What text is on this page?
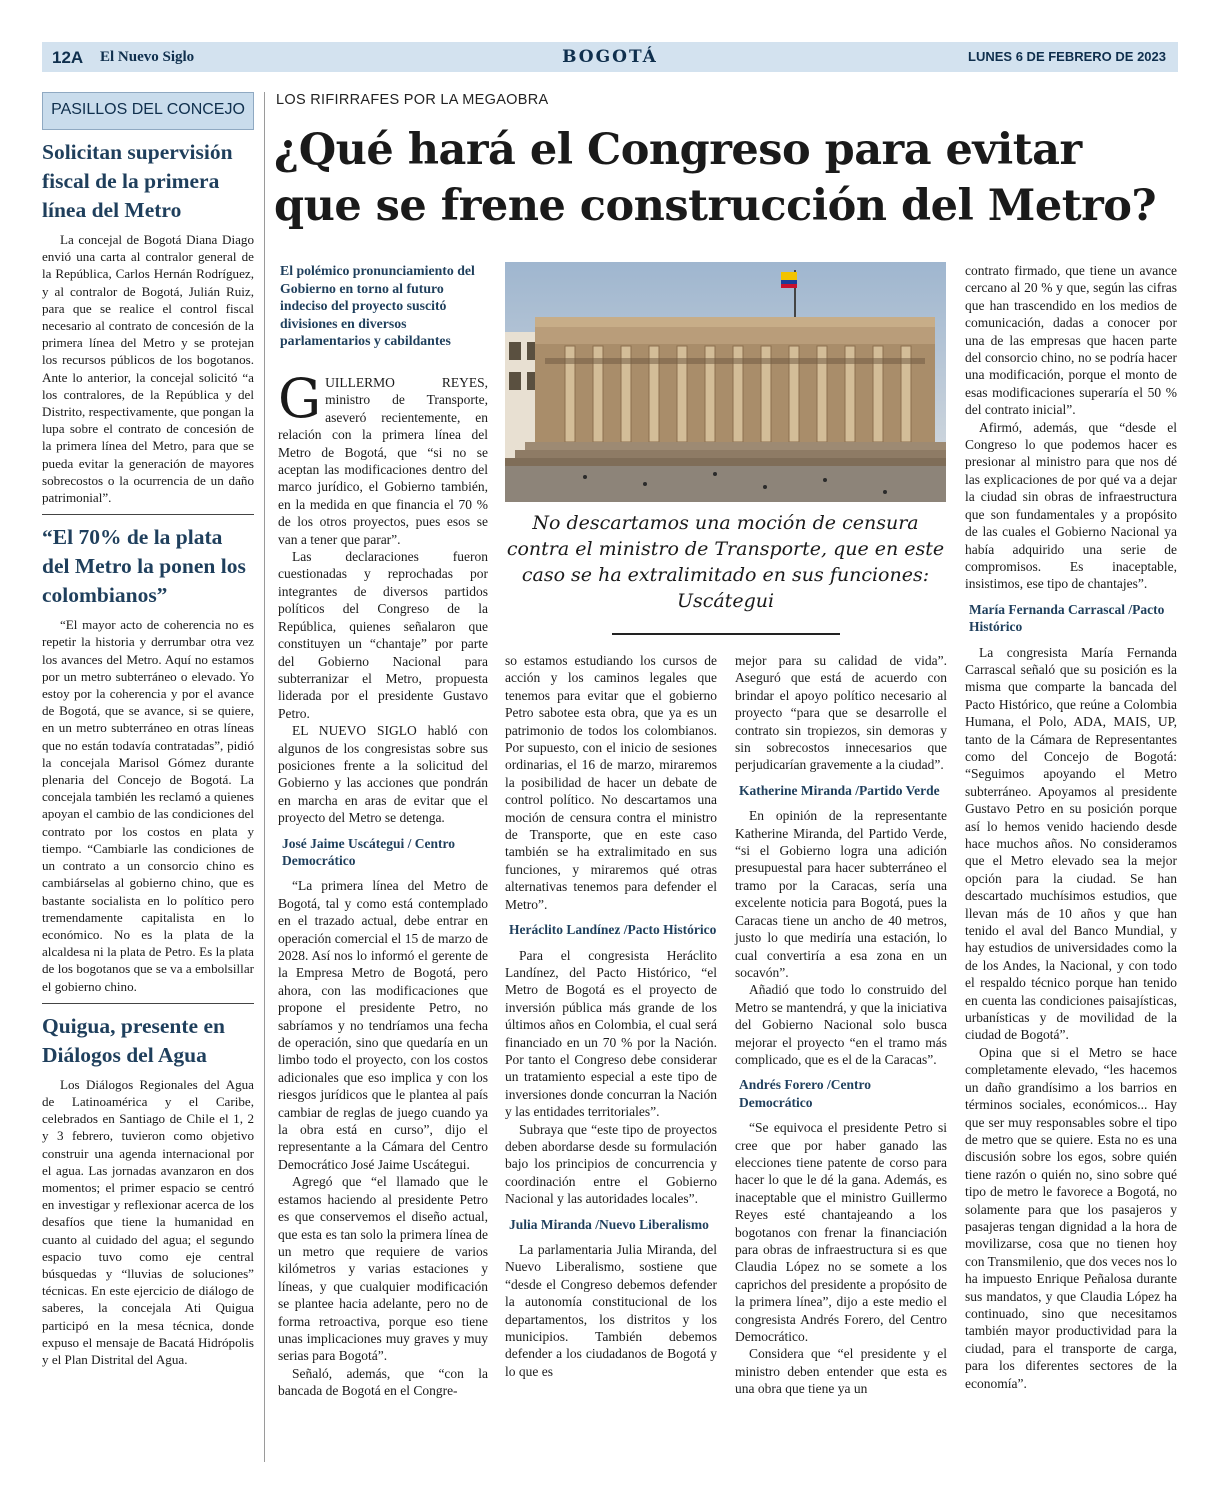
12A El Nuevo Siglo	BOGOTÁ	LUNES 6 DE FEBRERO DE 2023
PASILLOS DEL CONCEJO
Solicitan supervisión fiscal de la primera línea del Metro

La concejal de Bogotá Diana Diago envió una carta al contralor general de la República, Carlos Hernán Rodríguez, y al contralor de Bogotá, Julián Ruiz, para que se realice el control fiscal necesario al contrato de concesión de la primera línea del Metro y se protejan los recursos públicos de los bogotanos. Ante lo anterior, la concejal solicitó “a los contralores, de la República y del Distrito, respectivamente, que pongan la lupa sobre el contrato de concesión de la primera línea del Metro, para que se pueda evitar la generación de mayores sobrecostos o la ocurrencia de un daño patrimonial”.

“El 70% de la plata del Metro la ponen los colombianos”

“El mayor acto de coherencia no es repetir la historia y derrumbar otra vez los avances del Metro. Aquí no estamos por un metro subterráneo o elevado. Yo estoy por la coherencia y por el avance de Bogotá, que se avance, si se quiere, en un metro subterráneo en otras líneas que no están todavía contratadas”, pidió la concejala Marisol Gómez durante plenaria del Concejo de Bogotá. La concejala también les reclamó a quienes apoyan el cambio de las condiciones del contrato por los costos en plata y tiempo. “Cambiarle las condiciones de un contrato a un consorcio chino es cambiárselas al gobierno chino, que es bastante socialista en lo político pero tremendamente capitalista en lo económico. No es la plata de la alcaldesa ni la plata de Petro. Es la plata de los bogotanos que se va a embolsillar el gobierno chino.

Quigua, presente en Diálogos del Agua

Los Diálogos Regionales del Agua de Latinoamérica y el Caribe, celebrados en Santiago de Chile el 1, 2 y 3 febrero, tuvieron como objetivo construir una agenda internacional por el agua. Las jornadas avanzaron en dos momentos; el primer espacio se centró en investigar y reflexionar acerca de los desafíos que tiene la humanidad en cuanto al cuidado del agua; el segundo espacio tuvo como eje central búsquedas y “lluvias de soluciones” técnicas. En este ejercicio de diálogo de saberes, la concejala Ati Quigua participó en la mesa técnica, donde expuso el mensaje de Bacatá Hidrópolis y el Plan Distrital del Agua.

LOS RIFIRRAFES POR LA MEGAOBRA
¿Qué hará el Congreso para evitar que se frene construcción del Metro?
El polémico pronunciamiento del Gobierno en torno al futuro indeciso del proyecto suscitó divisiones en diversos parlamentarios y cabildantes
No descartamos una moción de censura contra el ministro de Transporte, que en este caso se ha extralimitado en sus funciones: Uscátegui

GUILLERMO REYES, ministro de Transporte, aseveró recientemente, en relación con la primera línea del Metro de Bogotá, que “si no se aceptan las modificaciones dentro del marco jurídico, el Gobierno también, en la medida en que financia el 70 % de los otros proyectos, pues esos se van a tener que parar”.

Las declaraciones fueron cuestionadas y reprochadas por integrantes de diversos partidos políticos del Congreso de la República, quienes señalaron que constituyen un “chantaje” por parte del Gobierno Nacional para subterranizar el Metro, propuesta liderada por el presidente Gustavo Petro.

EL NUEVO SIGLO habló con algunos de los congresistas sobre sus posiciones frente a la solicitud del Gobierno y las acciones que pondrán en marcha en aras de evitar que el proyecto del Metro se detenga.

José Jaime Uscátegui / Centro Democrático

“La primera línea del Metro de Bogotá, tal y como está contemplado en el trazado actual, debe entrar en operación comercial el 15 de marzo de 2028. Así nos lo informó el gerente de la Empresa Metro de Bogotá, pero ahora, con las modificaciones que propone el presidente Petro, no sabríamos y no tendríamos una fecha de operación, sino que quedaría en un limbo todo el proyecto, con los costos adicionales que eso implica y con los riesgos jurídicos que le plantea al país cambiar de reglas de juego cuando ya la obra está en curso”, dijo el representante a la Cámara del Centro Democrático José Jaime Uscátegui.

Agregó que “el llamado que le estamos haciendo al presidente Petro es que conservemos el diseño actual, que esta es tan solo la primera línea de un metro que requiere de varios kilómetros y varias estaciones y líneas, y que cualquier modificación se plantee hacia adelante, pero no de forma retroactiva, porque eso tiene unas implicaciones muy graves y muy serias para Bogotá”.

Señaló, además, que “con la bancada de Bogotá en el Congre-

so estamos estudiando los cursos de acción y los caminos legales que tenemos para evitar que el gobierno Petro sabotee esta obra, que ya es un patrimonio de todos los colombianos. Por supuesto, con el inicio de sesiones ordinarias, el 16 de marzo, miraremos la posibilidad de hacer un debate de control político. No descartamos una moción de censura contra el ministro de Transporte, que en este caso también se ha extralimitado en sus funciones, y miraremos qué otras alternativas tenemos para defender el Metro”.

Heráclito Landínez /Pacto Histórico

Para el congresista Heráclito Landínez, del Pacto Histórico, “el Metro de Bogotá es el proyecto de inversión pública más grande de los últimos años en Colombia, el cual será financiado en un 70 % por la Nación. Por tanto el Congreso debe considerar un tratamiento especial a este tipo de inversiones donde concurran la Nación y las entidades territoriales”.

Subraya que “este tipo de proyectos deben abordarse desde su formulación bajo los principios de concurrencia y coordinación entre el Gobierno Nacional y las autoridades locales”.

Julia Miranda /Nuevo Liberalismo

La parlamentaria Julia Miranda, del Nuevo Liberalismo, sostiene que “desde el Congreso debemos defender la autonomía constitucional de los departamentos, los distritos y los municipios. También debemos defender a los ciudadanos de Bogotá y lo que es

mejor para su calidad de vida”. Aseguró que está de acuerdo con brindar el apoyo político necesario al proyecto “para que se desarrolle el contrato sin tropiezos, sin demoras y sin sobrecostos innecesarios que perjudicarían gravemente a la ciudad”.

Katherine Miranda /Partido Verde

En opinión de la representante Katherine Miranda, del Partido Verde, “si el Gobierno logra una adición presupuestal para hacer subterráneo el tramo por la Caracas, sería una excelente noticia para Bogotá, pues la Caracas tiene un ancho de 40 metros, justo lo que mediría una estación, lo cual convertiría a esa zona en un socavón”.

Añadió que todo lo construido del Metro se mantendrá, y que la iniciativa del Gobierno Nacional solo busca mejorar el proyecto “en el tramo más complicado, que es el de la Caracas”.

Andrés Forero /Centro Democrático

“Se equivoca el presidente Petro si cree que por haber ganado las elecciones tiene patente de corso para hacer lo que le dé la gana. Además, es inaceptable que el ministro Guillermo Reyes esté chantajeando a los bogotanos con frenar la financiación para obras de infraestructura si es que Claudia López no se somete a los caprichos del presidente a propósito de la primera línea”, dijo a este medio el congresista Andrés Forero, del Centro Democrático.

Considera que “el presidente y el ministro deben entender que esta es una obra que tiene ya un

contrato firmado, que tiene un avance cercano al 20 % y que, según las cifras que han trascendido en los medios de comunicación, dadas a conocer por una de las empresas que hacen parte del consorcio chino, no se podría hacer una modificación, porque el monto de esas modificaciones superaría el 50 % del contrato inicial”.

Afirmó, además, que “desde el Congreso lo que podemos hacer es presionar al ministro para que nos dé las explicaciones de por qué va a dejar la ciudad sin obras de infraestructura que son fundamentales y a propósito de las cuales el Gobierno Nacional ya había adquirido una serie de compromisos. Es inaceptable, insistimos, ese tipo de chantajes”.

María Fernanda Carrascal /Pacto Histórico

La congresista María Fernanda Carrascal señaló que su posición es la misma que comparte la bancada del Pacto Histórico, que reúne a Colombia Humana, el Polo, ADA, MAIS, UP, tanto de la Cámara de Representantes como del Concejo de Bogotá: “Seguimos apoyando el Metro subterráneo. Apoyamos al presidente Gustavo Petro en su posición porque así lo hemos venido haciendo desde hace muchos años. No consideramos que el Metro elevado sea la mejor opción para la ciudad. Se han descartado muchísimos estudios, que llevan más de 10 años y que han tenido el aval del Banco Mundial, y hay estudios de universidades como la de los Andes, la Nacional, y con todo el respaldo técnico porque han tenido en cuenta las condiciones paisajísticas, urbanísticas y de movilidad de la ciudad de Bogotá”.

Opina que si el Metro se hace completamente elevado, “les hacemos un daño grandísimo a los barrios en términos sociales, económicos... Hay que ser muy responsables sobre el tipo de metro que se quiere. Esta no es una discusión sobre los egos, sobre quién tiene razón o quién no, sino sobre qué tipo de metro le favorece a Bogotá, no solamente para que los pasajeros y pasajeras tengan dignidad a la hora de movilizarse, cosa que no tienen hoy con Transmilenio, que dos veces nos lo ha impuesto Enrique Peñalosa durante sus mandatos, y que Claudia López ha continuado, sino que necesitamos también mayor productividad para la ciudad, para el transporte de carga, para los diferentes sectores de la economía”.
